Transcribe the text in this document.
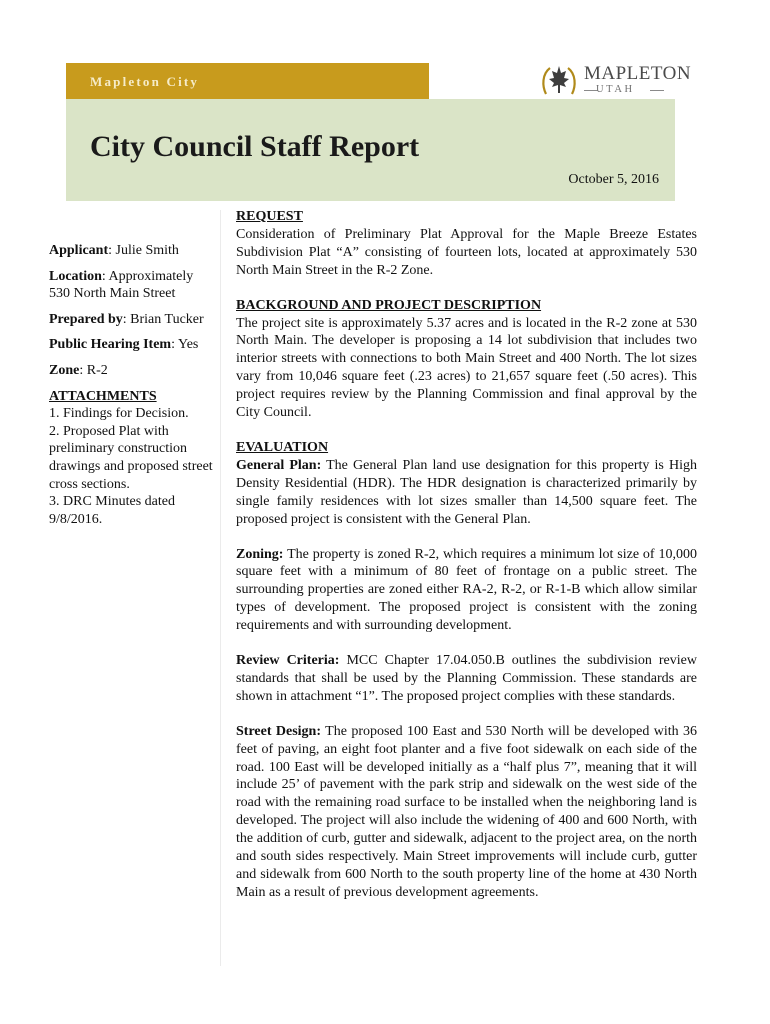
Mapleton City	MAPLETON
UTAH
City Council Staff Report
October 5, 2016

Applicant: Julie Smith

Location: Approximately 530 North Main Street

Prepared by: Brian Tucker

Public Hearing Item: Yes

Zone: R-2

ATTACHMENTS
1. Findings for Decision.
2. Proposed Plat with preliminary construction drawings and proposed street cross sections.
3. DRC Minutes dated 9/8/2016.

REQUEST
Consideration of Preliminary Plat Approval for the Maple Breeze Estates Subdivision Plat “A” consisting of fourteen lots, located at approximately 530 North Main Street in the R-2 Zone.

BACKGROUND AND PROJECT DESCRIPTION
The project site is approximately 5.37 acres and is located in the R-2 zone at 530 North Main. The developer is proposing a 14 lot subdivision that includes two interior streets with connections to both Main Street and 400 North. The lot sizes vary from 10,046 square feet (.23 acres) to 21,657 square feet (.50 acres). This project requires review by the Planning Commission and final approval by the City Council.

EVALUATION
General Plan: The General Plan land use designation for this property is High Density Residential (HDR). The HDR designation is characterized primarily by single family residences with lot sizes smaller than 14,500 square feet. The proposed project is consistent with the General Plan.

Zoning: The property is zoned R-2, which requires a minimum lot size of 10,000 square feet with a minimum of 80 feet of frontage on a public street. The surrounding properties are zoned either RA-2, R-2, or R-1-B which allow similar types of development. The proposed project is consistent with the zoning requirements and with surrounding development.

Review Criteria: MCC Chapter 17.04.050.B outlines the subdivision review standards that shall be used by the Planning Commission. These standards are shown in attachment “1”. The proposed project complies with these standards.

Street Design: The proposed 100 East and 530 North will be developed with 36 feet of paving, an eight foot planter and a five foot sidewalk on each side of the road. 100 East will be developed initially as a “half plus 7”, meaning that it will include 25’ of pavement with the park strip and sidewalk on the west side of the road with the remaining road surface to be installed when the neighboring land is developed. The project will also include the widening of 400 and 600 North, with the addition of curb, gutter and sidewalk, adjacent to the project area, on the north and south sides respectively. Main Street improvements will include curb, gutter and sidewalk from 600 North to the south property line of the home at 430 North Main as a result of previous development agreements.
